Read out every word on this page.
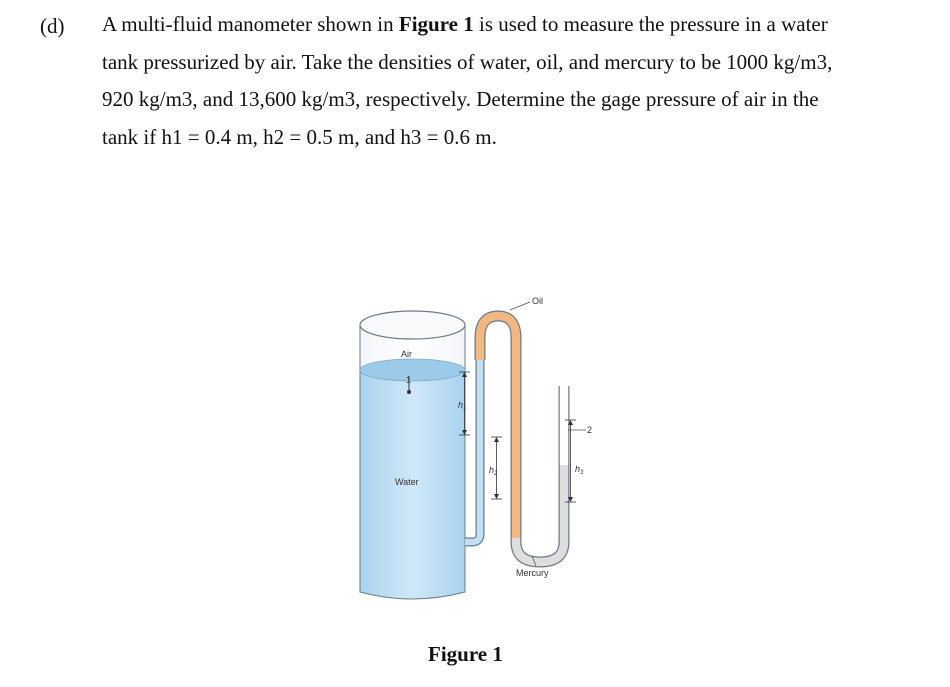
(d) A multi-fluid manometer shown in Figure 1 is used to measure the pressure in a water

tank pressurized by air. Take the densities of water, oil, and mercury to be 1000 kg/m3,

920 kg/m3, and 13,600 kg/m3, respectively. Determine the gage pressure of air in the

tank if h1 = 0.4 m, h2 = 0.5 m, and h3 = 0.6 m.

1
Air
Water
Oil
Mercury
2
$h_1$
$h_2$	$h_3$
Figure 1
